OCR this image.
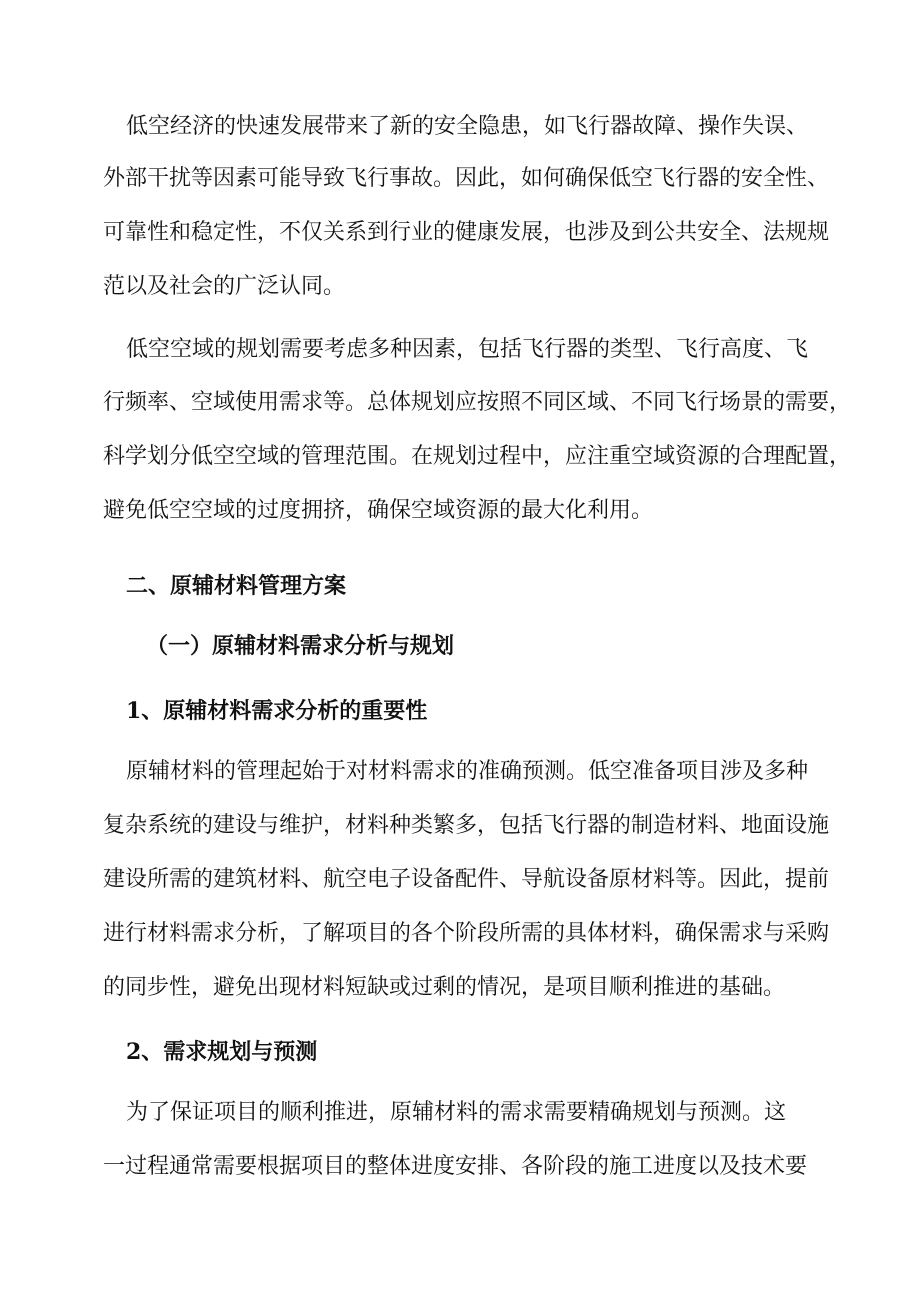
低空经济的快速发展带来了新的安全隐患，如飞行器故障、操作失误、

外部干扰等因素可能导致飞行事故。因此，如何确保低空飞行器的安全性、

可靠性和稳定性，不仅关系到行业的健康发展，也涉及到公共安全、法规规

范以及社会的广泛认同。

低空空域的规划需要考虑多种因素，包括飞行器的类型、飞行高度、飞

行频率、空域使用需求等。总体规划应按照不同区域、不同飞行场景的需要，

科学划分低空空域的管理范围。在规划过程中，应注重空域资源的合理配置，

避免低空空域的过度拥挤，确保空域资源的最大化利用。

二、原辅材料管理方案
（一）原辅材料需求分析与规划
1、原辅材料需求分析的重要性

原辅材料的管理起始于对材料需求的准确预测。低空准备项目涉及多种

复杂系统的建设与维护，材料种类繁多，包括飞行器的制造材料、地面设施

建设所需的建筑材料、航空电子设备配件、导航设备原材料等。因此，提前

进行材料需求分析，了解项目的各个阶段所需的具体材料，确保需求与采购

的同步性，避免出现材料短缺或过剩的情况，是项目顺利推进的基础。

2、需求规划与预测

为了保证项目的顺利推进，原辅材料的需求需要精确规划与预测。这

一过程通常需要根据项目的整体进度安排、各阶段的施工进度以及技术要
